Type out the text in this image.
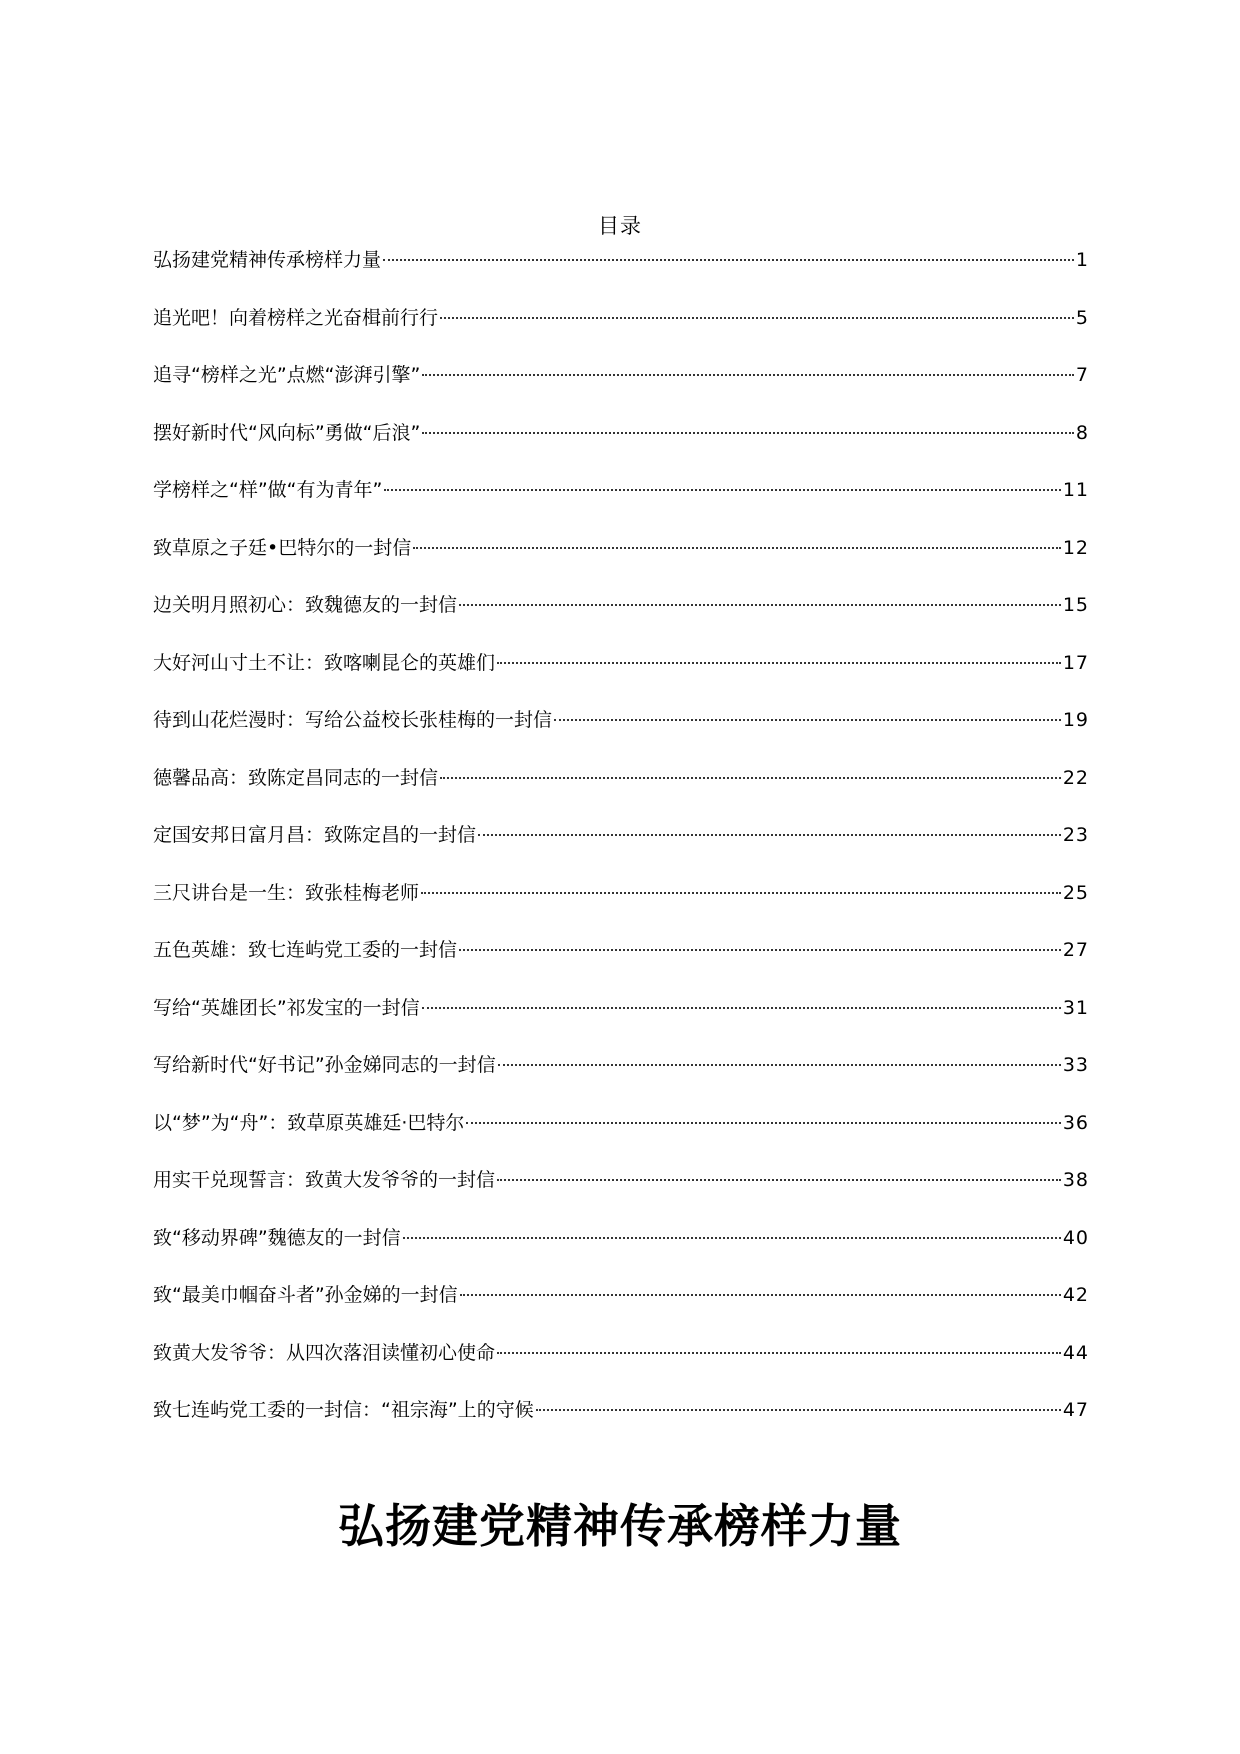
目录
弘扬建党精神传承榜样力量	1
追光吧！向着榜样之光奋楫前行行	5
追寻“榜样之光”点燃“澎湃引擎”	7
摆好新时代“风向标”勇做“后浪”	8
学榜样之“样”做“有为青年”	11
致草原之子廷•巴特尔的一封信	12
边关明月照初心：致魏德友的一封信	15
大好河山寸土不让：致喀喇昆仑的英雄们	17
待到山花烂漫时：写给公益校长张桂梅的一封信	19
德馨品高：致陈定昌同志的一封信	22
定国安邦日富月昌：致陈定昌的一封信	23
三尺讲台是一生：致张桂梅老师	25
五色英雄：致七连屿党工委的一封信	27
写给“英雄团长”祁发宝的一封信	31
写给新时代“好书记”孙金娣同志的一封信	33
以“梦”为“舟”：致草原英雄廷·巴特尔	36
用实干兑现誓言：致黄大发爷爷的一封信	38
致“移动界碑”魏德友的一封信	40
致“最美巾帼奋斗者”孙金娣的一封信	42
致黄大发爷爷：从四次落泪读懂初心使命	44
致七连屿党工委的一封信：“祖宗海”上的守候	47
弘扬建党精神传承榜样力量
